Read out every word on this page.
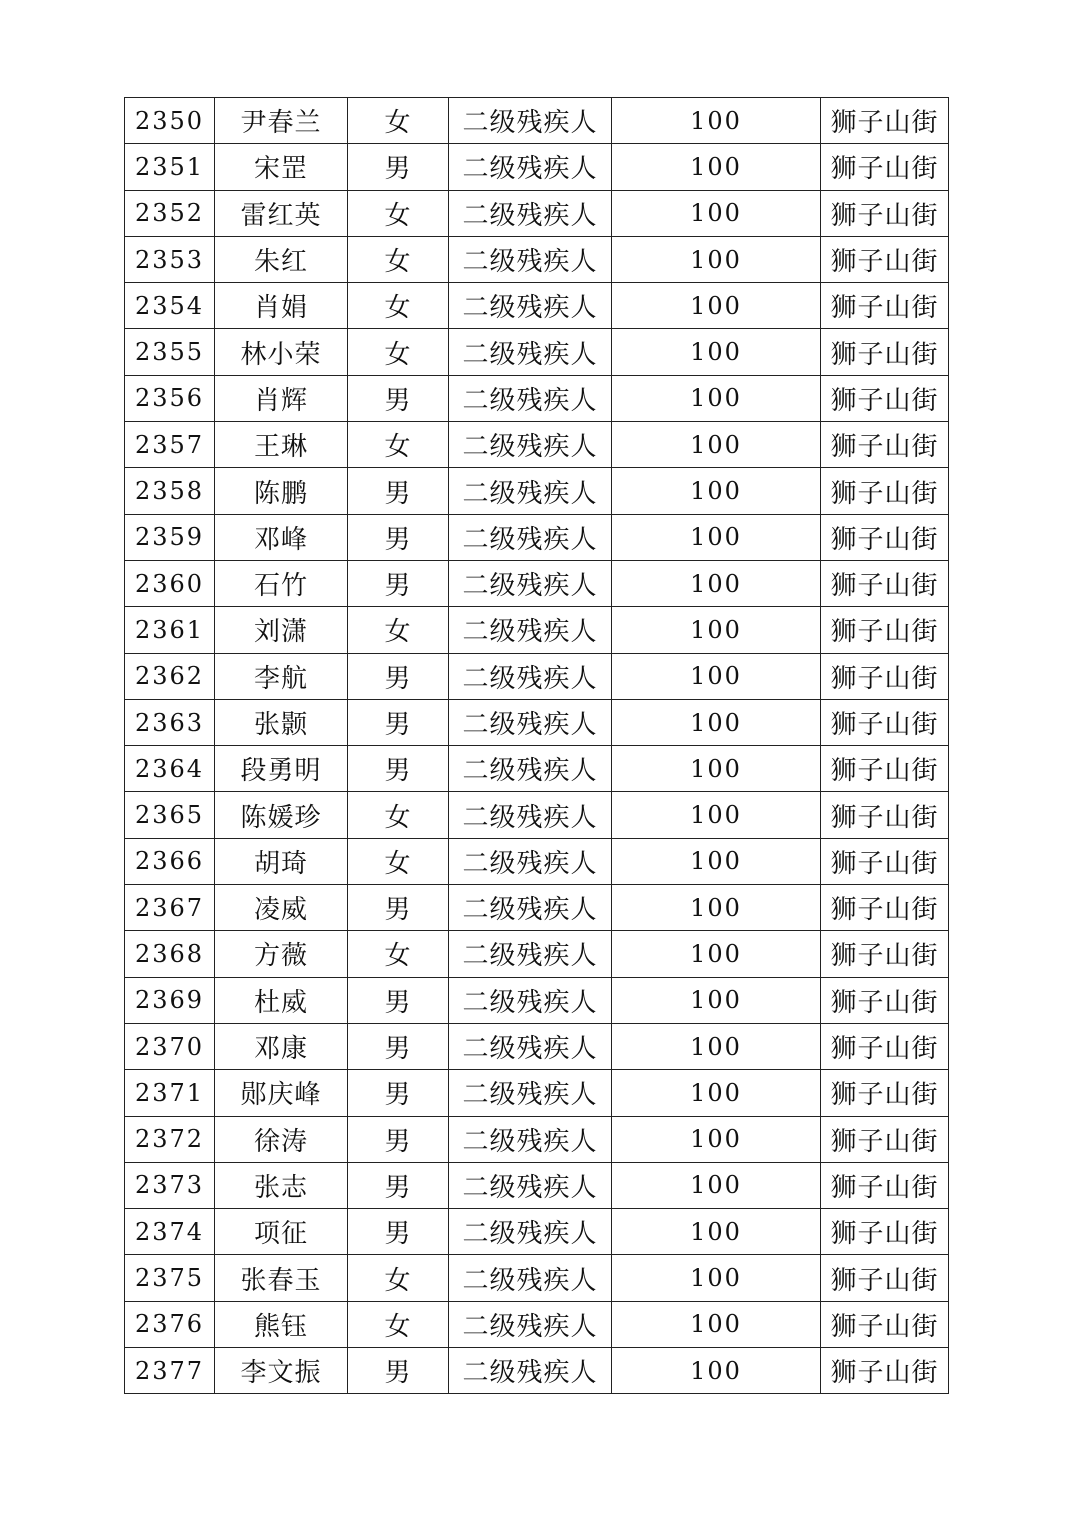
2350	尹春兰	女	二级残疾人	100	狮子山街
2351	宋罡	男	二级残疾人	100	狮子山街
2352	雷红英	女	二级残疾人	100	狮子山街
2353	朱红	女	二级残疾人	100	狮子山街
2354	肖娟	女	二级残疾人	100	狮子山街
2355	林小荣	女	二级残疾人	100	狮子山街
2356	肖辉	男	二级残疾人	100	狮子山街
2357	王琳	女	二级残疾人	100	狮子山街
2358	陈鹏	男	二级残疾人	100	狮子山街
2359	邓峰	男	二级残疾人	100	狮子山街
2360	石竹	男	二级残疾人	100	狮子山街
2361	刘潇	女	二级残疾人	100	狮子山街
2362	李航	男	二级残疾人	100	狮子山街
2363	张颢	男	二级残疾人	100	狮子山街
2364	段勇明	男	二级残疾人	100	狮子山街
2365	陈媛珍	女	二级残疾人	100	狮子山街
2366	胡琦	女	二级残疾人	100	狮子山街
2367	凌威	男	二级残疾人	100	狮子山街
2368	方薇	女	二级残疾人	100	狮子山街
2369	杜威	男	二级残疾人	100	狮子山街
2370	邓康	男	二级残疾人	100	狮子山街
2371	郧庆峰	男	二级残疾人	100	狮子山街
2372	徐涛	男	二级残疾人	100	狮子山街
2373	张志	男	二级残疾人	100	狮子山街
2374	项征	男	二级残疾人	100	狮子山街
2375	张春玉	女	二级残疾人	100	狮子山街
2376	熊钰	女	二级残疾人	100	狮子山街
2377	李文振	男	二级残疾人	100	狮子山街
